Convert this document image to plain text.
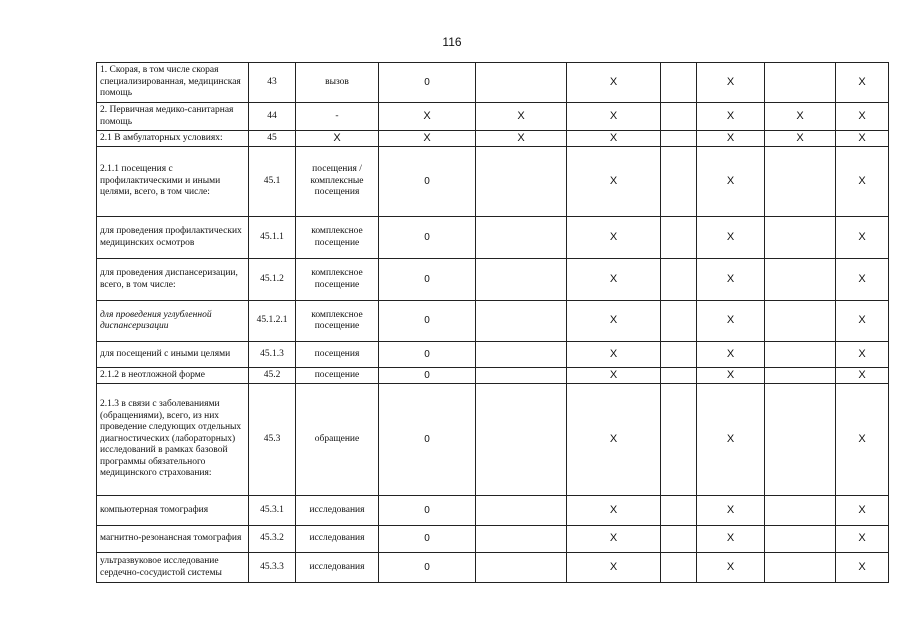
116
1. Скорая, в том числе скорая специализированная, медицинская помощь	43	вызов	0		X		X		X
2. Первичная медико-санитарная помощь	44	-	X	X	X		X	X	X
2.1 В амбулаторных условиях:	45	X	X	X	X		X	X	X
2.1.1 посещения с профилактическими и иными целями, всего, в том числе:	45.1	посещения / комплексные посещения	0		X		X		X
для проведения профилактических медицинских осмотров	45.1.1	комплексное посещение	0		X		X		X
для проведения диспансеризации, всего, в том числе:	45.1.2	комплексное посещение	0		X		X		X
для проведения углубленной диспансеризации	45.1.2.1	комплексное посещение	0		X		X		X
для посещений с иными целями	45.1.3	посещения	0		X		X		X
2.1.2 в неотложной форме	45.2	посещение	0		X		X		X
2.1.3 в связи с заболеваниями (обращениями), всего, из них проведение следующих отдельных диагностических (лабораторных) исследований в рамках базовой программы обязательного медицинского страхования:	45.3	обращение	0		X		X		X
компьютерная томография	45.3.1	исследования	0		X		X		X
магнитно-резонансная томография	45.3.2	исследования	0		X		X		X
ультразвуковое исследование сердечно-сосудистой системы	45.3.3	исследования	0		X		X		X
